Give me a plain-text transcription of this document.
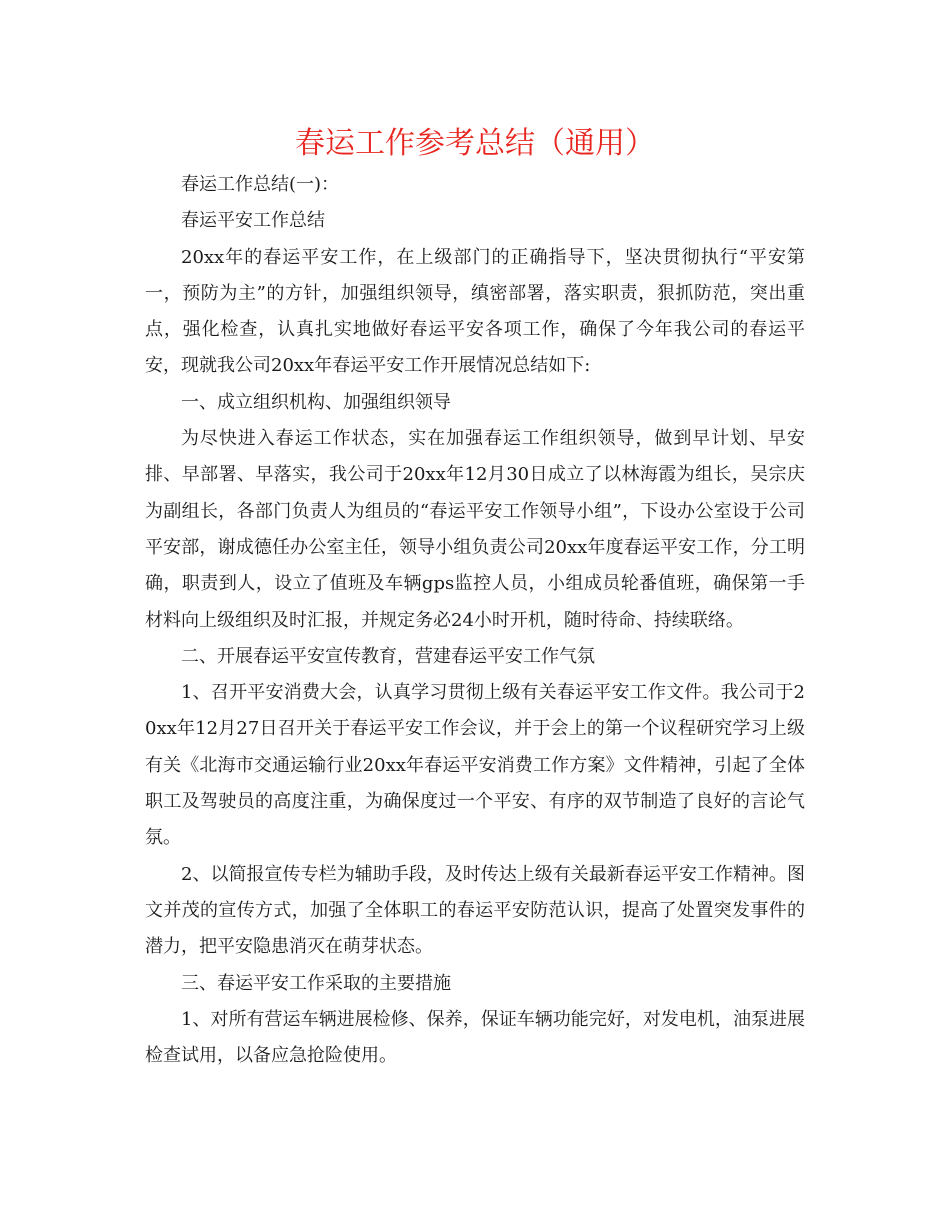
春运工作参考总结（通用）

春运工作总结(一)：

春运平安工作总结

20xx年的春运平安工作，在上级部门的正确指导下，坚决贯彻执行“平安第一，预防为主”的方针，加强组织领导，缜密部署，落实职责，狠抓防范，突出重点，强化检查，认真扎实地做好春运平安各项工作，确保了今年我公司的春运平安，现就我公司20xx年春运平安工作开展情况总结如下:

一、成立组织机构、加强组织领导

为尽快进入春运工作状态，实在加强春运工作组织领导，做到早计划、早安排、早部署、早落实，我公司于20xx年12月30日成立了以林海霞为组长，吴宗庆为副组长，各部门负责人为组员的“春运平安工作领导小组”，下设办公室设于公司平安部，谢成德任办公室主任，领导小组负责公司20xx年度春运平安工作，分工明确，职责到人，设立了值班及车辆gps监控人员，小组成员轮番值班，确保第一手材料向上级组织及时汇报，并规定务必24小时开机，随时待命、持续联络。

二、开展春运平安宣传教育，营建春运平安工作气氛

1、召开平安消费大会，认真学习贯彻上级有关春运平安工作文件。我公司于20xx年12月27日召开关于春运平安工作会议，并于会上的第一个议程研究学习上级有关《北海市交通运输行业20xx年春运平安消费工作方案》文件精神，引起了全体职工及驾驶员的高度注重，为确保度过一个平安、有序的双节制造了良好的言论气氛。

2、以简报宣传专栏为辅助手段，及时传达上级有关最新春运平安工作精神。图文并茂的宣传方式，加强了全体职工的春运平安防范认识，提高了处置突发事件的潜力，把平安隐患消灭在萌芽状态。

三、春运平安工作采取的主要措施

1、对所有营运车辆进展检修、保养，保证车辆功能完好，对发电机，油泵进展检查试用，以备应急抢险使用。
